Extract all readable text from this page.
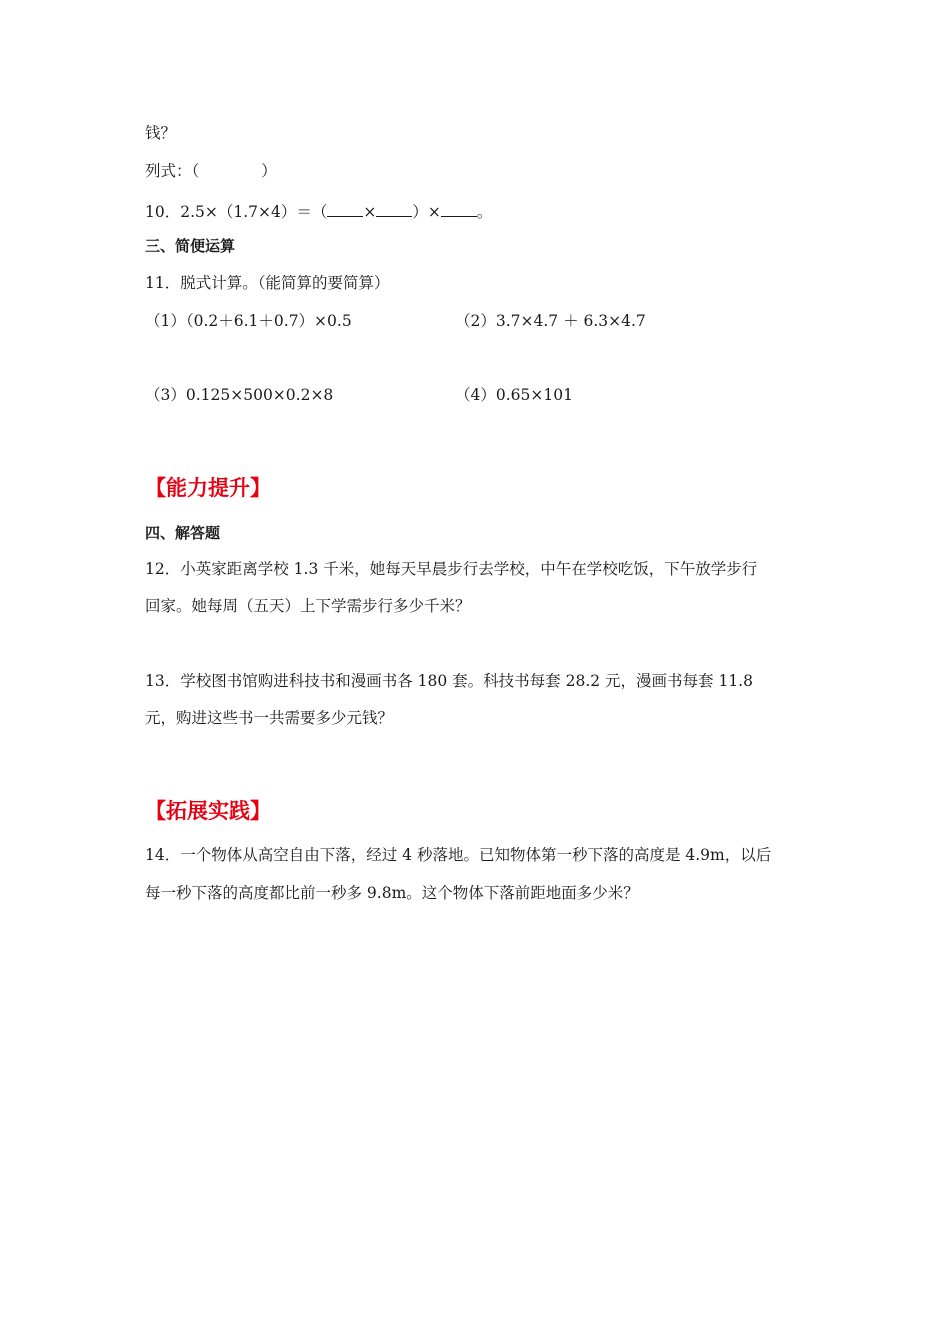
钱？
列式：（　　　　）
10．2.5×（1.7×4）＝（ × ）× 。
三、简便运算
11．脱式计算。（能简算的要简算）
（1）（0.2＋6.1＋0.7）×0.5	（2）3.7×4.7 ＋ 6.3×4.7
（3）0.125×500×0.2×8	（4）0.65×101
【能力提升】
四、解答题
12．小英家距离学校 1.3 千米，她每天早晨步行去学校，中午在学校吃饭，下午放学步行
回家。她每周（五天）上下学需步行多少千米？
13．学校图书馆购进科技书和漫画书各 180 套。科技书每套 28.2 元，漫画书每套 11.8
元，购进这些书一共需要多少元钱？
【拓展实践】
14．一个物体从高空自由下落，经过 4 秒落地。已知物体第一秒下落的高度是 4.9m，以后
每一秒下落的高度都比前一秒多 9.8m。这个物体下落前距地面多少米？
